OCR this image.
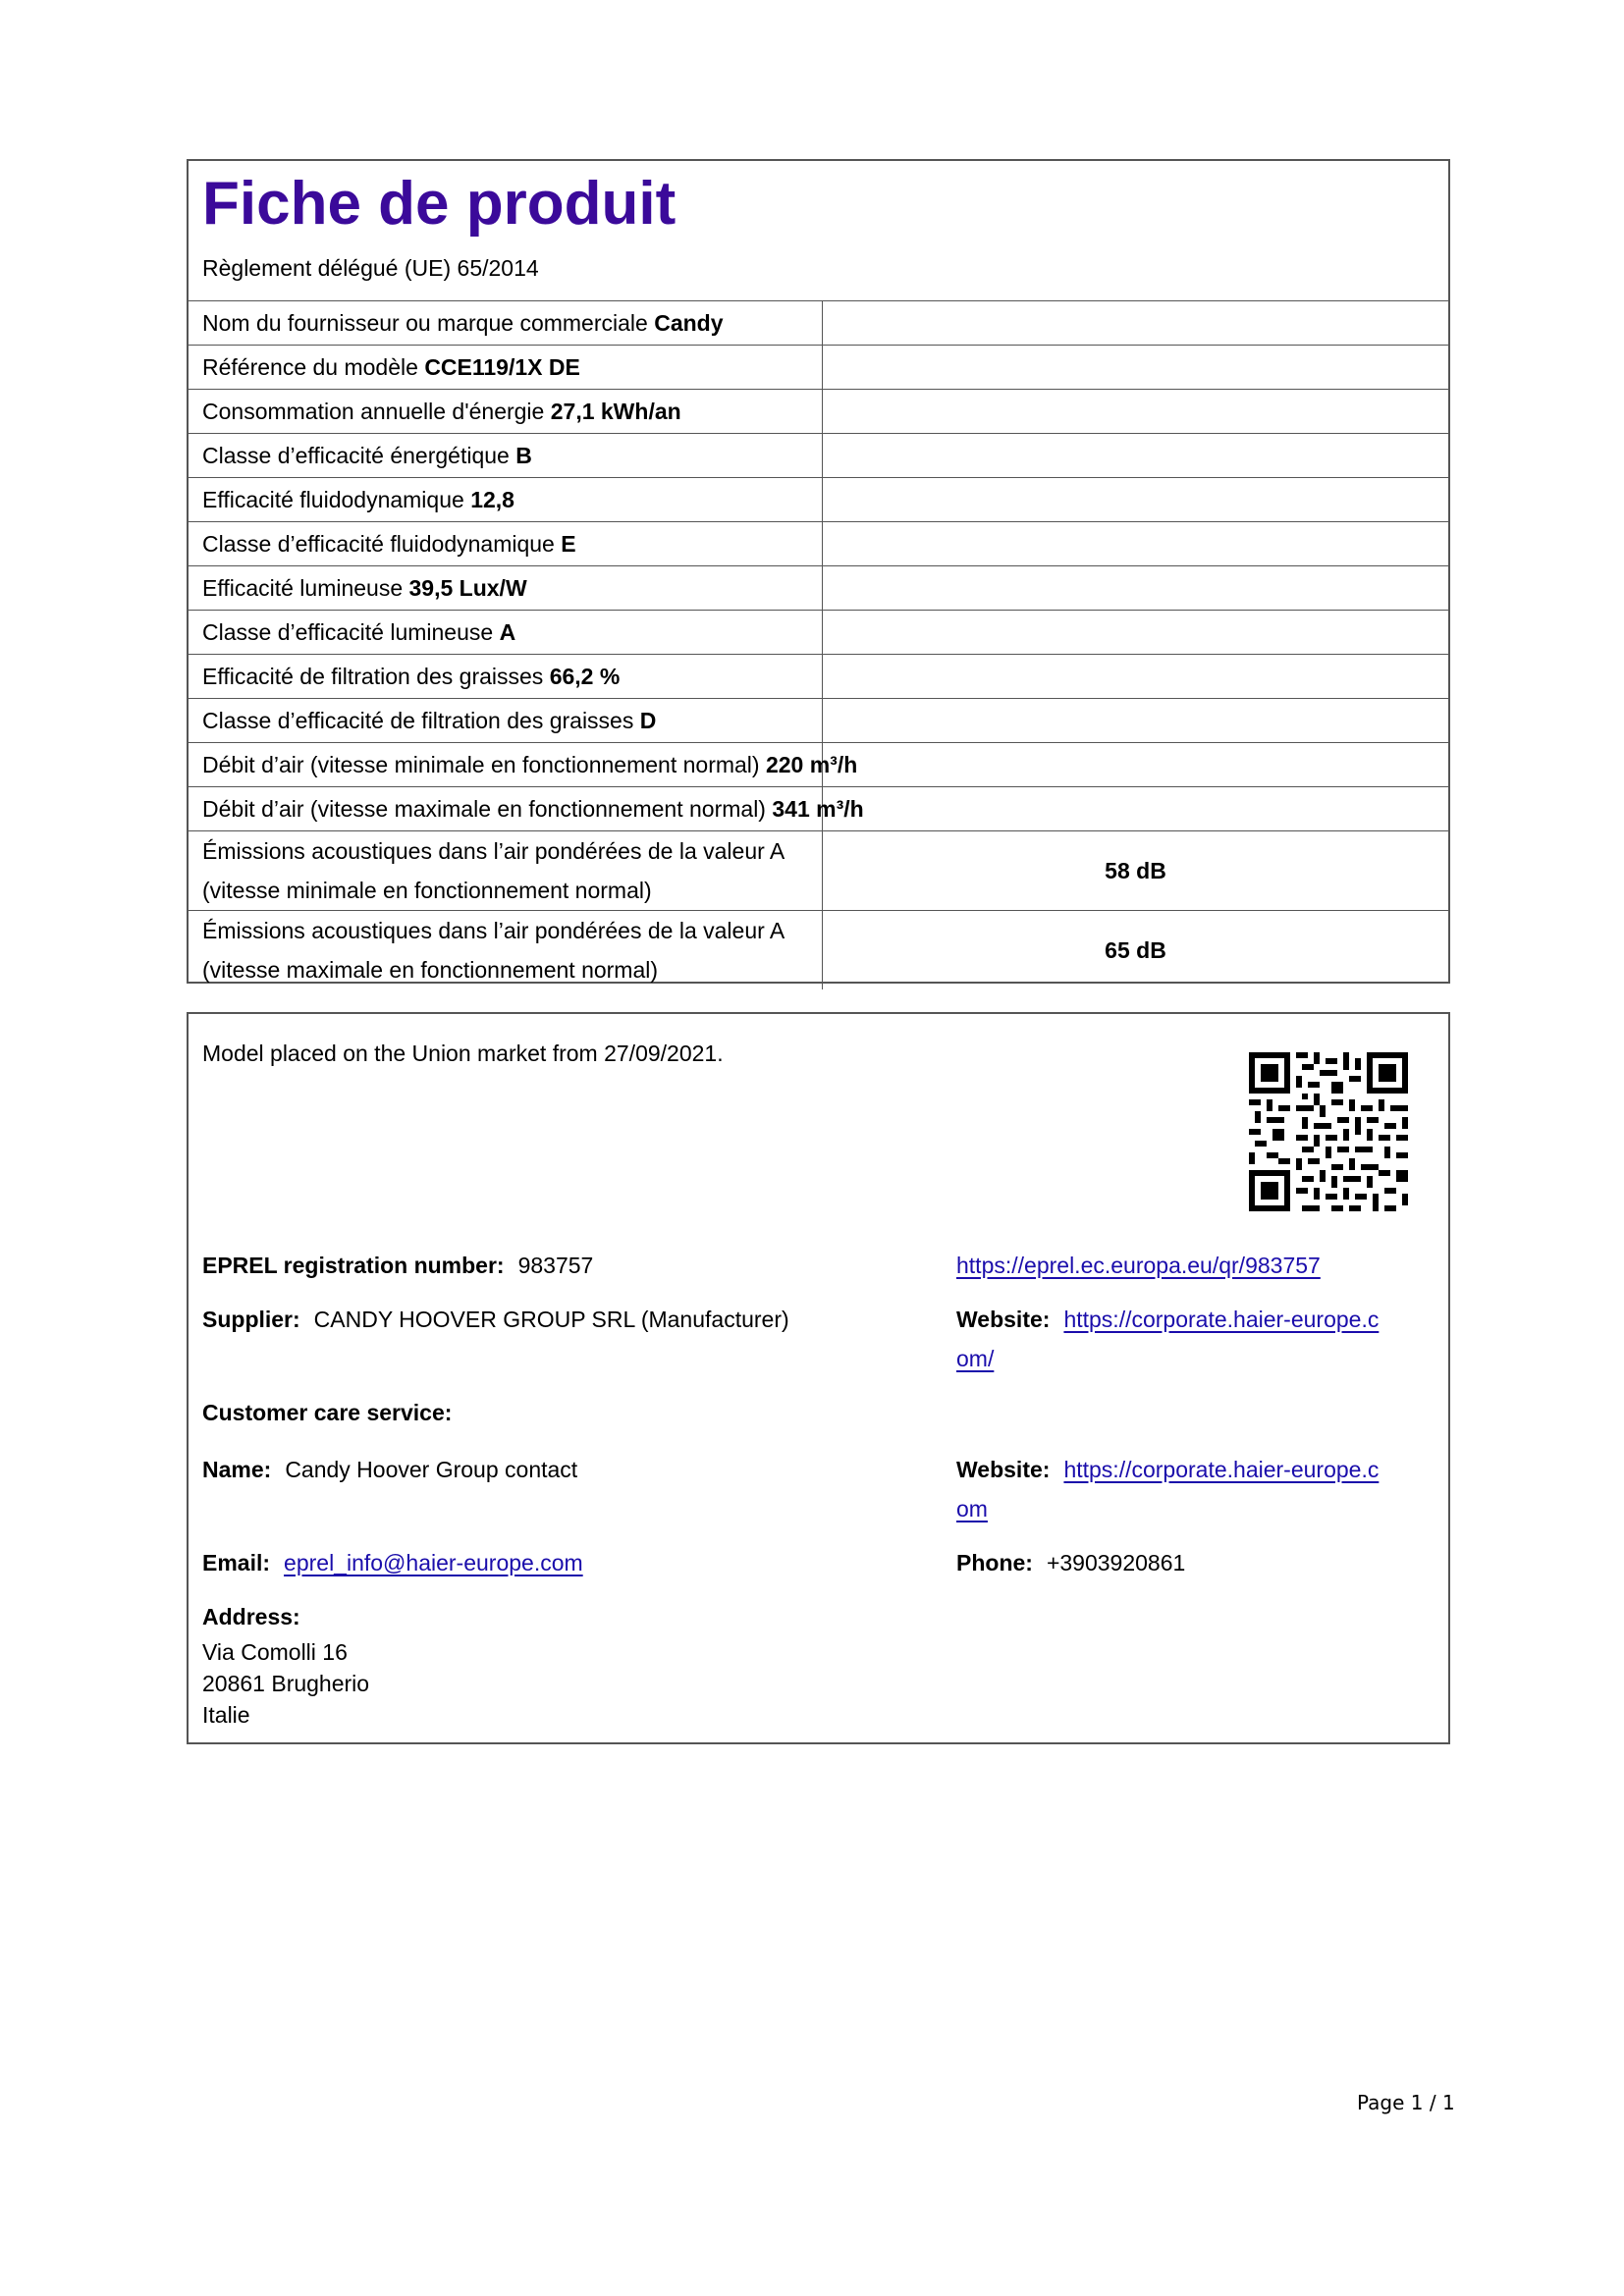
Fiche de produit
Règlement délégué (UE) 65/2014
Nom du fournisseur ou marque commerciale Candy	
Référence du modèle CCE119/1X DE	
Consommation annuelle d'énergie 27,1 kWh/an	
Classe d’efficacité énergétique B	
Efficacité fluidodynamique 12,8	
Classe d’efficacité fluidodynamique E	
Efficacité lumineuse 39,5 Lux/W	
Classe d’efficacité lumineuse A	
Efficacité de filtration des graisses 66,2 %	
Classe d’efficacité de filtration des graisses D	
Débit d’air (vitesse minimale en fonctionnement normal) 220 m³/h	
Débit d’air (vitesse maximale en fonctionnement normal) 341 m³/h	

Émissions acoustiques dans l’air pondérées de la valeur A
(vitesse minimale en fonctionnement normal)	58 dB

Émissions acoustiques dans l’air pondérées de la valeur A
(vitesse maximale en fonctionnement normal)	65 dB
Model placed on the Union market from 27/09/2021.
EPREL registration number: 983757	https://eprel.ec.europa.eu/qr/983757
Supplier: CANDY HOOVER GROUP SRL (Manufacturer)	Website: https://corporate.haier-europe.c
om/
Customer care service:
Name: Candy Hoover Group contact	Website: https://corporate.haier-europe.c
om
Email: eprel_info@haier-europe.com	Phone: +3903920861
Address:
Via Comolli 16
20861 Brugherio
Italie
Page 1 / 1
